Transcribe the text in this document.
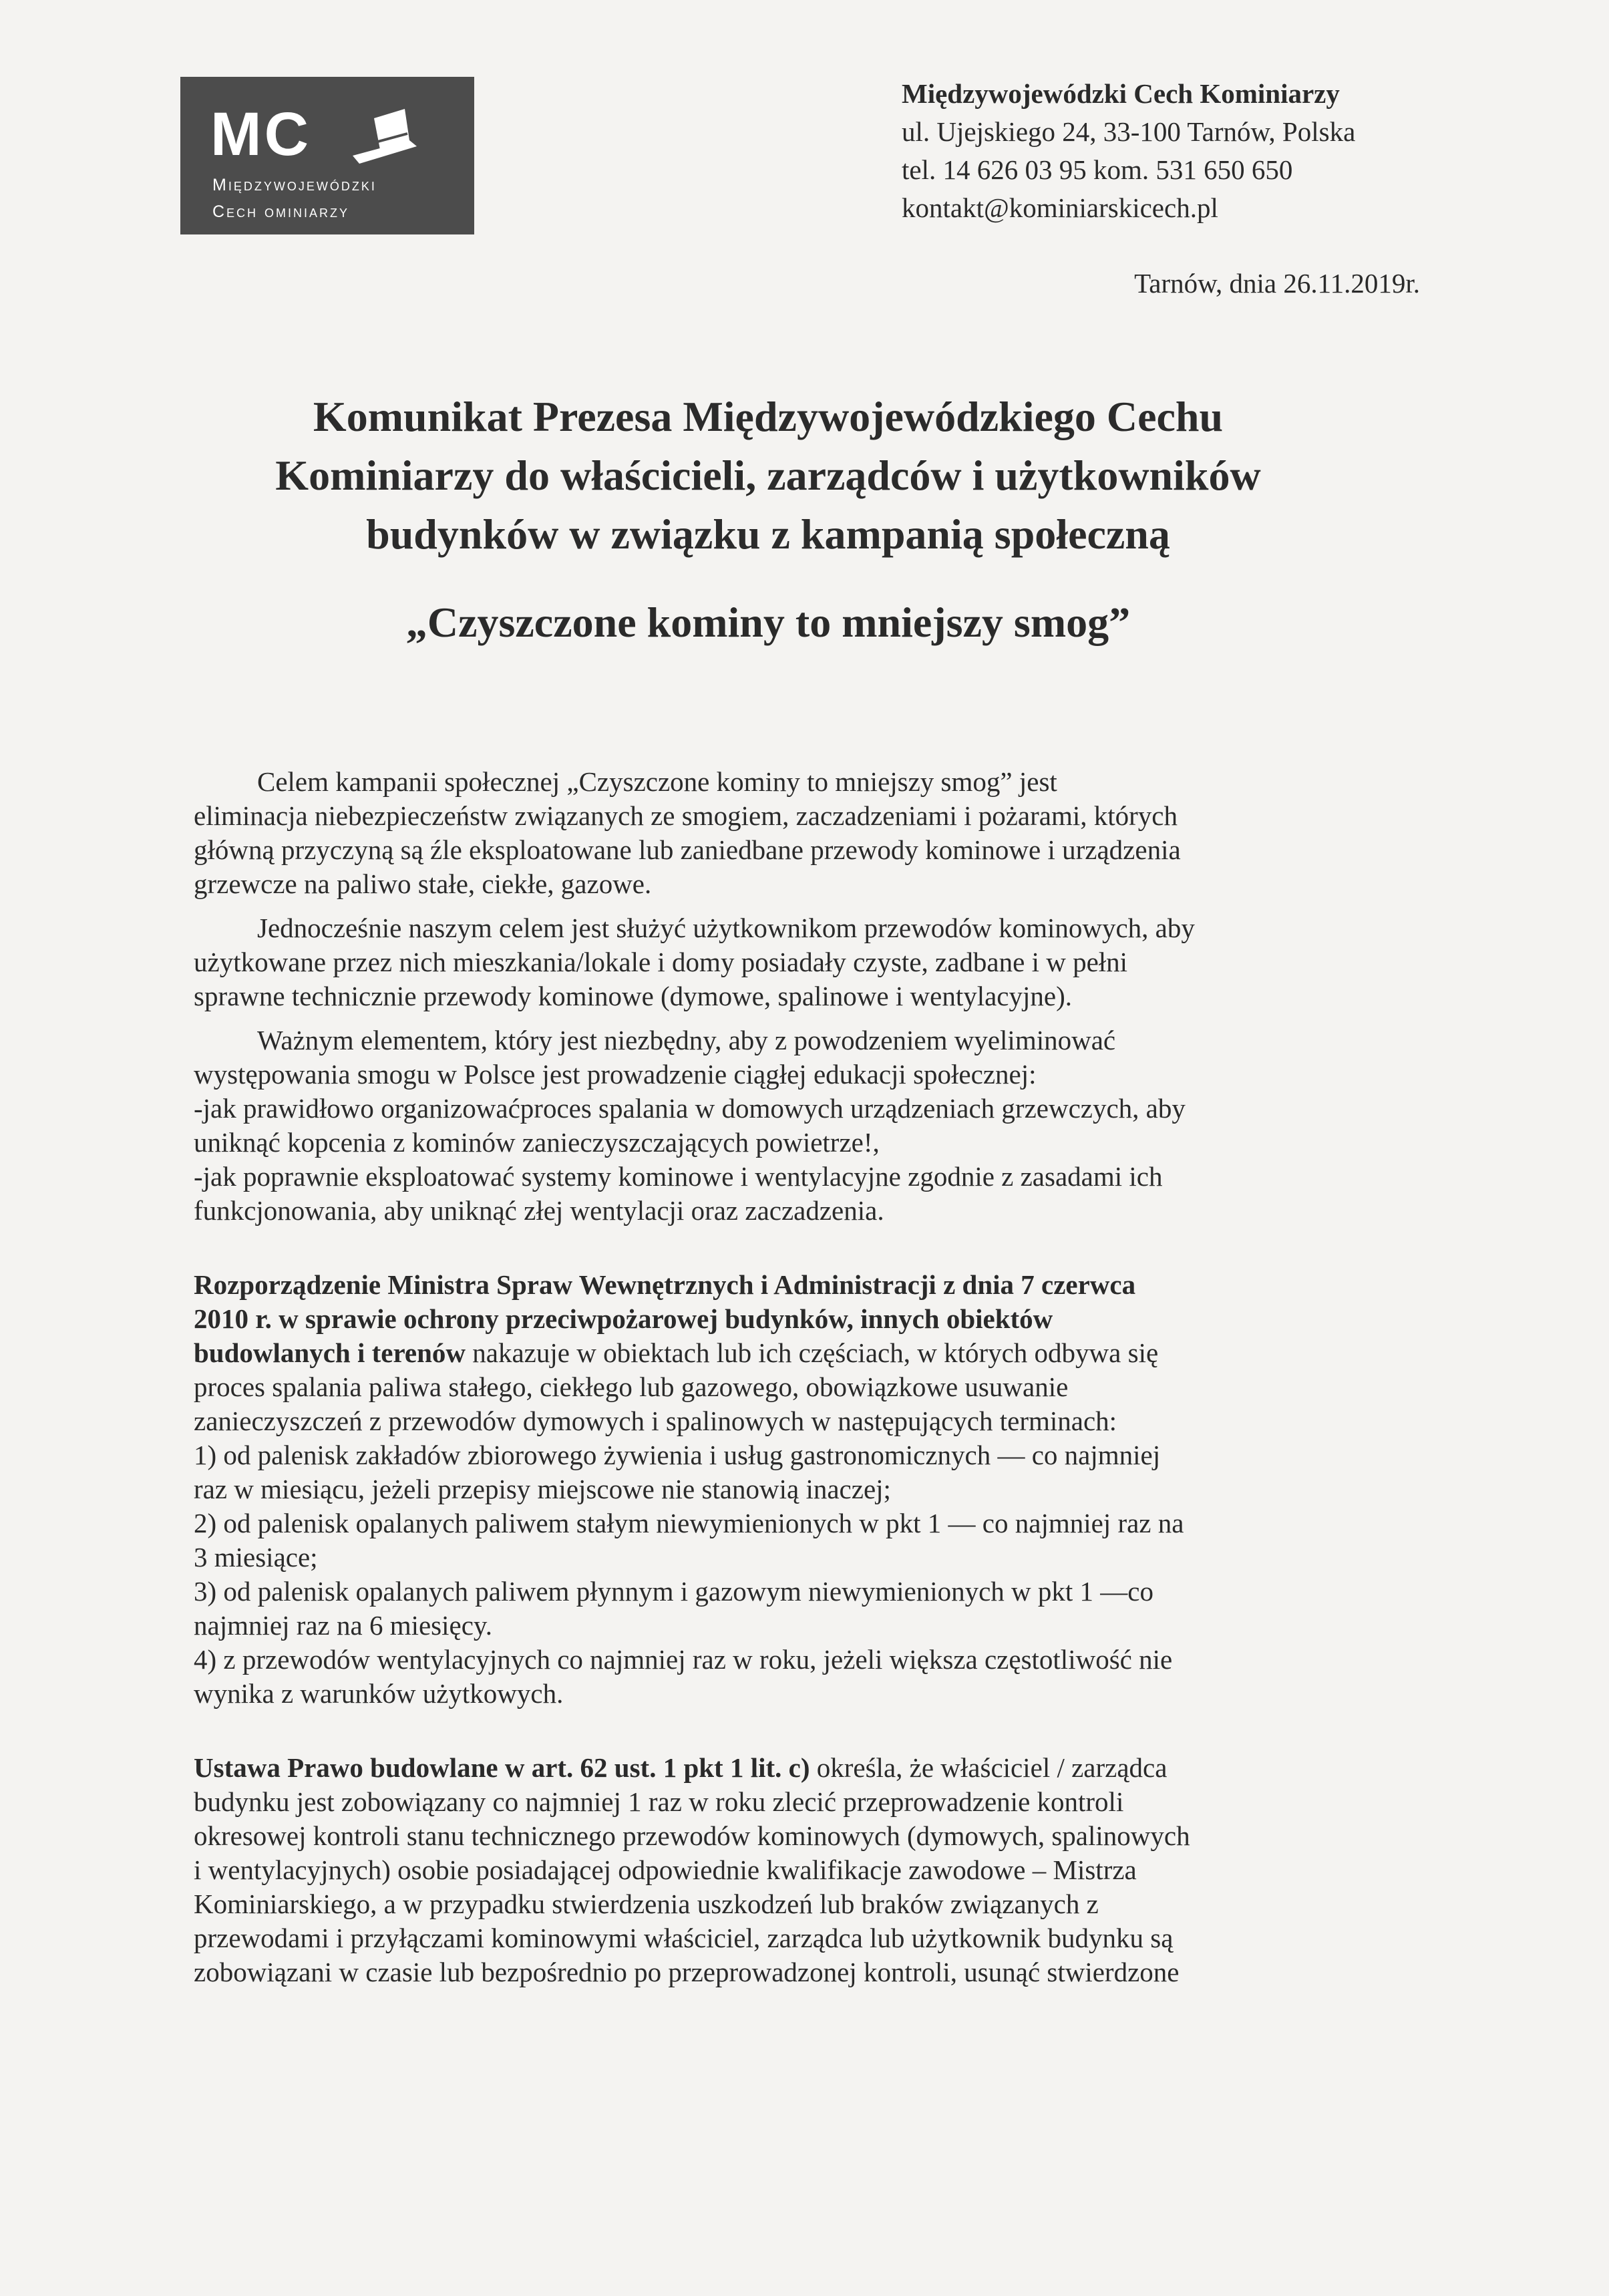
MC
Międzywojewódzki
Cech ominiarzy
Międzywojewódzki Cech Kominiarzy
ul. Ujejskiego 24, 33-100 Tarnów, Polska
tel. 14 626 03 95 kom. 531 650 650
kontakt@kominiarskicech.pl
Tarnów, dnia 26.11.2019r.
Komunikat Prezesa Międzywojewódzkiego Cechu
Kominiarzy do właścicieli, zarządców i użytkowników
budynków w związku z kampanią społeczną
„Czyszczone kominy to mniejszy smog”
Celem kampanii społecznej „Czyszczone kominy to mniejszy smog” jest
eliminacja niebezpieczeństw związanych ze smogiem, zaczadzeniami i pożarami, których
główną przyczyną są źle eksploatowane lub zaniedbane przewody kominowe i urządzenia
grzewcze na paliwo stałe, ciekłe, gazowe.
Jednocześnie naszym celem jest służyć użytkownikom przewodów kominowych, aby
użytkowane przez nich mieszkania/lokale i domy posiadały czyste, zadbane i w pełni
sprawne technicznie przewody kominowe (dymowe, spalinowe i wentylacyjne).
Ważnym elementem, który jest niezbędny, aby z powodzeniem wyeliminować
występowania smogu w Polsce jest prowadzenie ciągłej edukacji społecznej:
-jak prawidłowo organizowaćproces spalania w domowych urządzeniach grzewczych, aby
uniknąć kopcenia z kominów zanieczyszczających powietrze!,
-jak poprawnie eksploatować systemy kominowe i wentylacyjne zgodnie z zasadami ich
funkcjonowania, aby uniknąć złej wentylacji oraz zaczadzenia.
Rozporządzenie Ministra Spraw Wewnętrznych i Administracji z dnia 7 czerwca
2010 r. w sprawie ochrony przeciwpożarowej budynków, innych obiektów
budowlanych i terenów nakazuje w obiektach lub ich częściach, w których odbywa się
proces spalania paliwa stałego, ciekłego lub gazowego, obowiązkowe usuwanie
zanieczyszczeń z przewodów dymowych i spalinowych w następujących terminach:
1) od palenisk zakładów zbiorowego żywienia i usług gastronomicznych — co najmniej
raz w miesiącu, jeżeli przepisy miejscowe nie stanowią inaczej;
2) od palenisk opalanych paliwem stałym niewymienionych w pkt 1 — co najmniej raz na
3 miesiące;
3) od palenisk opalanych paliwem płynnym i gazowym niewymienionych w pkt 1 —co
najmniej raz na 6 miesięcy.
4) z przewodów wentylacyjnych co najmniej raz w roku, jeżeli większa częstotliwość nie
wynika z warunków użytkowych.
Ustawa Prawo budowlane w art. 62 ust. 1 pkt 1 lit. c) określa, że właściciel / zarządca
budynku jest zobowiązany co najmniej 1 raz w roku zlecić przeprowadzenie kontroli
okresowej kontroli stanu technicznego przewodów kominowych (dymowych, spalinowych
i wentylacyjnych) osobie posiadającej odpowiednie kwalifikacje zawodowe – Mistrza
Kominiarskiego, a w przypadku stwierdzenia uszkodzeń lub braków związanych z
przewodami i przyłączami kominowymi właściciel, zarządca lub użytkownik budynku są
zobowiązani w czasie lub bezpośrednio po przeprowadzonej kontroli, usunąć stwierdzone
